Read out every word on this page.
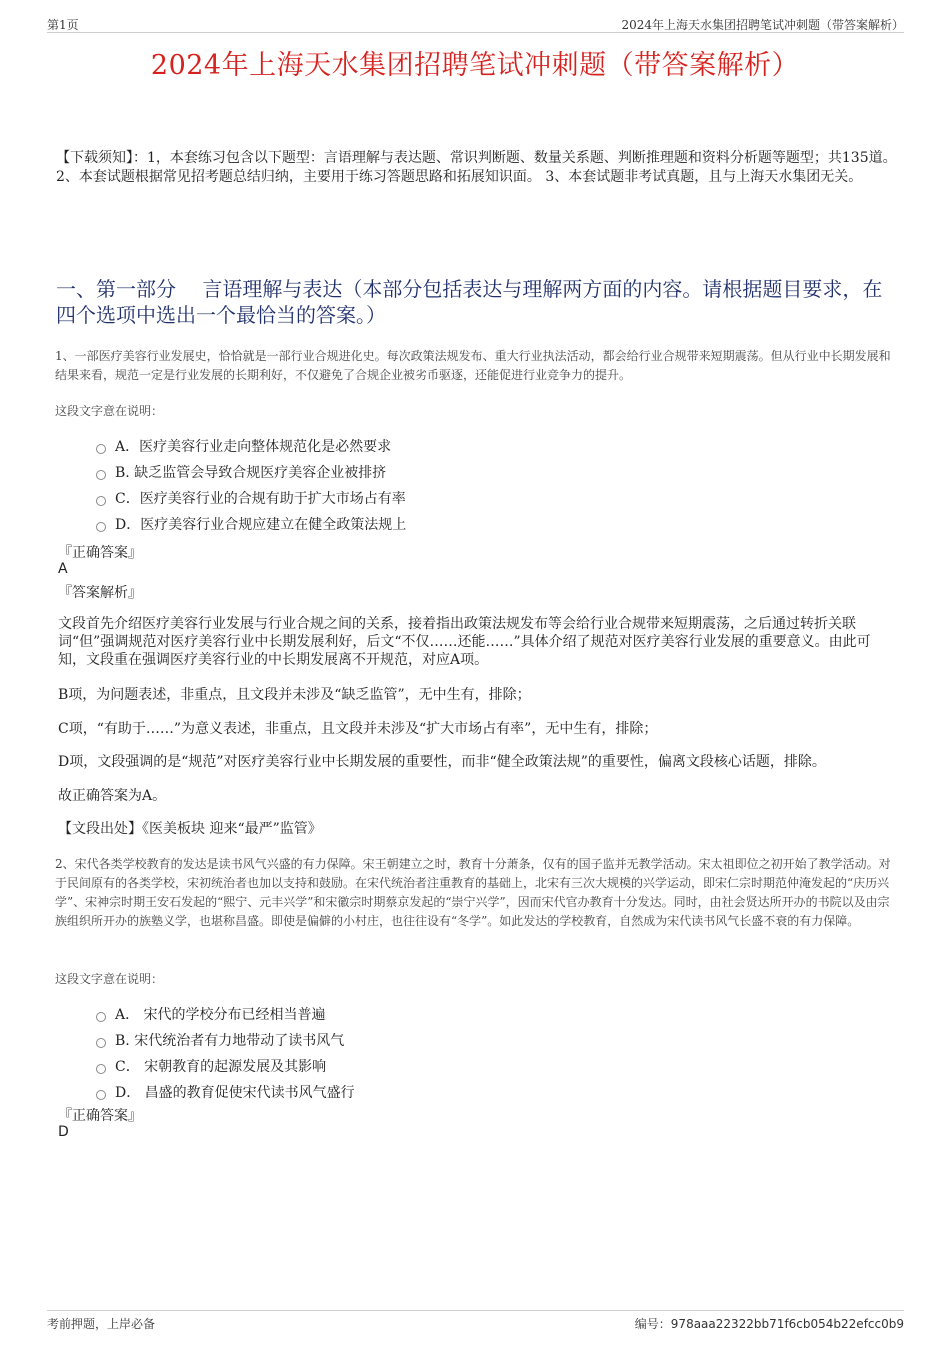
第1页	2024年上海天水集团招聘笔试冲刺题（带答案解析）
2024年上海天水集团招聘笔试冲刺题（带答案解析）
【下载须知】：1，本套练习包含以下题型：言语理解与表达题、常识判断题、数量关系题、判断推理题和资料分析题等题型；共135道。 2、本套试题根据常见招考题总结归纳，主要用于练习答题思路和拓展知识面。 3、本套试题非考试真题，且与上海天水集团无关。
一、第一部分　 言语理解与表达（本部分包括表达与理解两方面的内容。请根据题目要求，在四个选项中选出一个最恰当的答案。）
1、一部医疗美容行业发展史，恰恰就是一部行业合规进化史。每次政策法规发布、重大行业执法活动，都会给行业合规带来短期震荡。但从行业中长期发展和结果来看，规范一定是行业发展的长期利好，不仅避免了合规企业被劣币驱逐，还能促进行业竞争力的提升。
这段文字意在说明：
A．医疗美容行业走向整体规范化是必然要求
B. 缺乏监管会导致合规医疗美容企业被排挤
C．医疗美容行业的合规有助于扩大市场占有率
D．医疗美容行业合规应建立在健全政策法规上
『正确答案』
A
『答案解析』
文段首先介绍医疗美容行业发展与行业合规之间的关系，接着指出政策法规发布等会给行业合规带来短期震荡，之后通过转折关联词“但”强调规范对医疗美容行业中长期发展利好，后文“不仅……还能……”具体介绍了规范对医疗美容行业发展的重要意义。由此可知，文段重在强调医疗美容行业的中长期发展离不开规范，对应A项。
B项，为问题表述，非重点，且文段并未涉及“缺乏监管”，无中生有，排除；
C项，“有助于……”为意义表述，非重点，且文段并未涉及“扩大市场占有率”，无中生有，排除；
D项，文段强调的是“规范”对医疗美容行业中长期发展的重要性，而非“健全政策法规”的重要性，偏离文段核心话题，排除。
故正确答案为A。
【文段出处】《医美板块 迎来“最严”监管》
2、宋代各类学校教育的发达是读书风气兴盛的有力保障。宋王朝建立之时，教育十分萧条，仅有的国子监并无教学活动。宋太祖即位之初开始了教学活动。对于民间原有的各类学校，宋初统治者也加以支持和鼓励。在宋代统治者注重教育的基础上，北宋有三次大规模的兴学运动，即宋仁宗时期范仲淹发起的“庆历兴学”、宋神宗时期王安石发起的“熙宁、元丰兴学”和宋徽宗时期蔡京发起的“崇宁兴学”，因而宋代官办教育十分发达。同时，由社会贤达所开办的书院以及由宗族组织所开办的族塾义学，也堪称昌盛。即使是偏僻的小村庄，也往往设有“冬学”。如此发达的学校教育，自然成为宋代读书风气长盛不衰的有力保障。
这段文字意在说明：
A． 宋代的学校分布已经相当普遍
B. 宋代统治者有力地带动了读书风气
C． 宋朝教育的起源发展及其影响
D． 昌盛的教育促使宋代读书风气盛行
『正确答案』
D
考前押题，上岸必备	编号：978aaa22322bb71f6cb054b22efcc0b9
